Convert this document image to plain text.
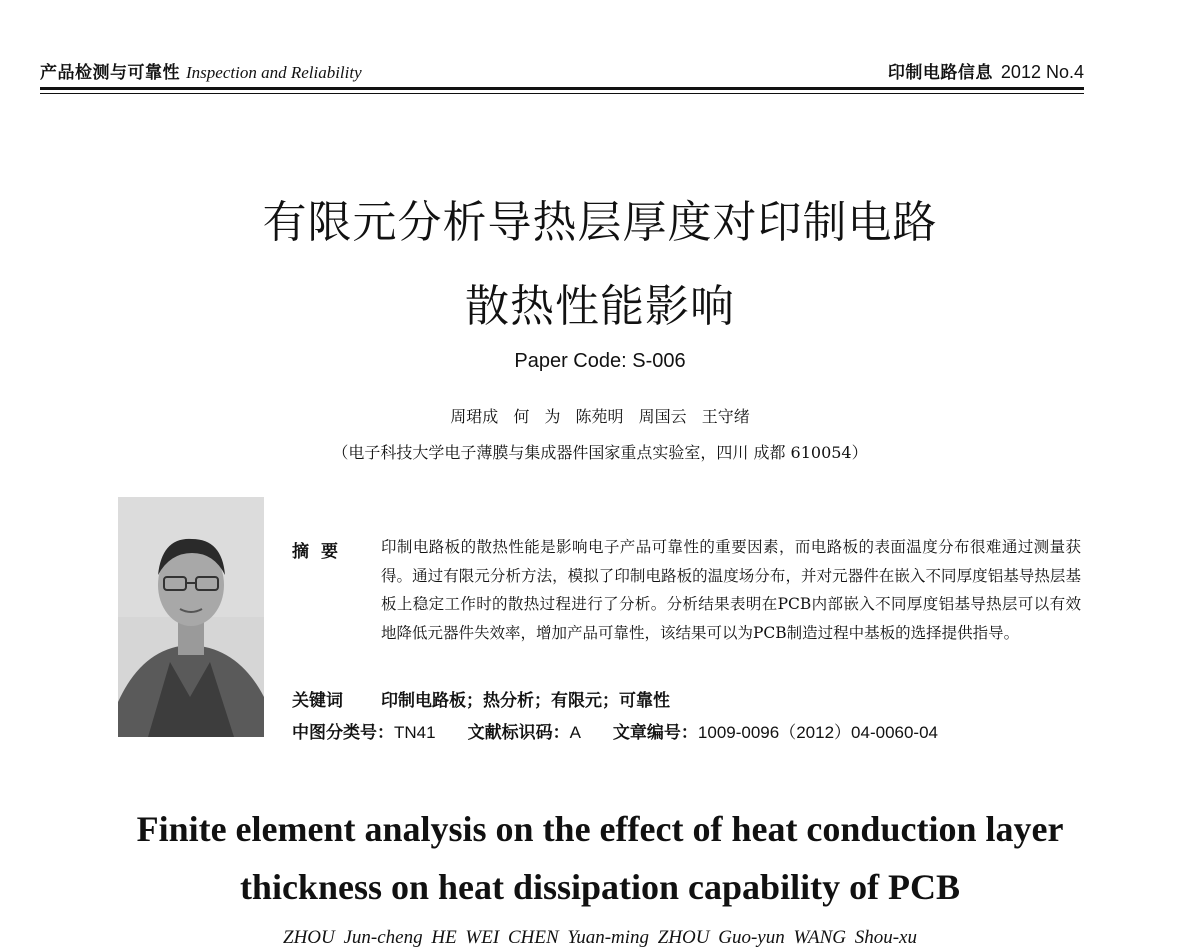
产品检测与可靠性 Inspection and Reliability	印制电路信息 2012 No.4
有限元分析导热层厚度对印制电路
散热性能影响
Paper Code: S-006
周珺成 何 为 陈苑明 周国云 王守绪
（电子科技大学电子薄膜与集成器件国家重点实验室，四川 成都 610054）
摘要 印制电路板的散热性能是影响电子产品可靠性的重要因素，而电路板的表面温度分布很难通过测量获得。通过有限元分析方法，模拟了印制电路板的温度场分布，并对元器件在嵌入不同厚度铝基导热层基板上稳定工作时的散热过程进行了分析。分析结果表明在PCB内部嵌入不同厚度铝基导热层可以有效地降低元器件失效率，增加产品可靠性，该结果可以为PCB制造过程中基板的选择提供指导。
关键词 印制电路板；热分析；有限元；可靠性
中图分类号：TN41 文献标识码：A 文章编号：1009-0096（2012）04-0060-04
Finite element analysis on the effect of heat conduction layer
thickness on heat dissipation capability of PCB
ZHOU Jun-cheng HE WEI CHEN Yuan-ming ZHOU Guo-yun WANG Shou-xu
